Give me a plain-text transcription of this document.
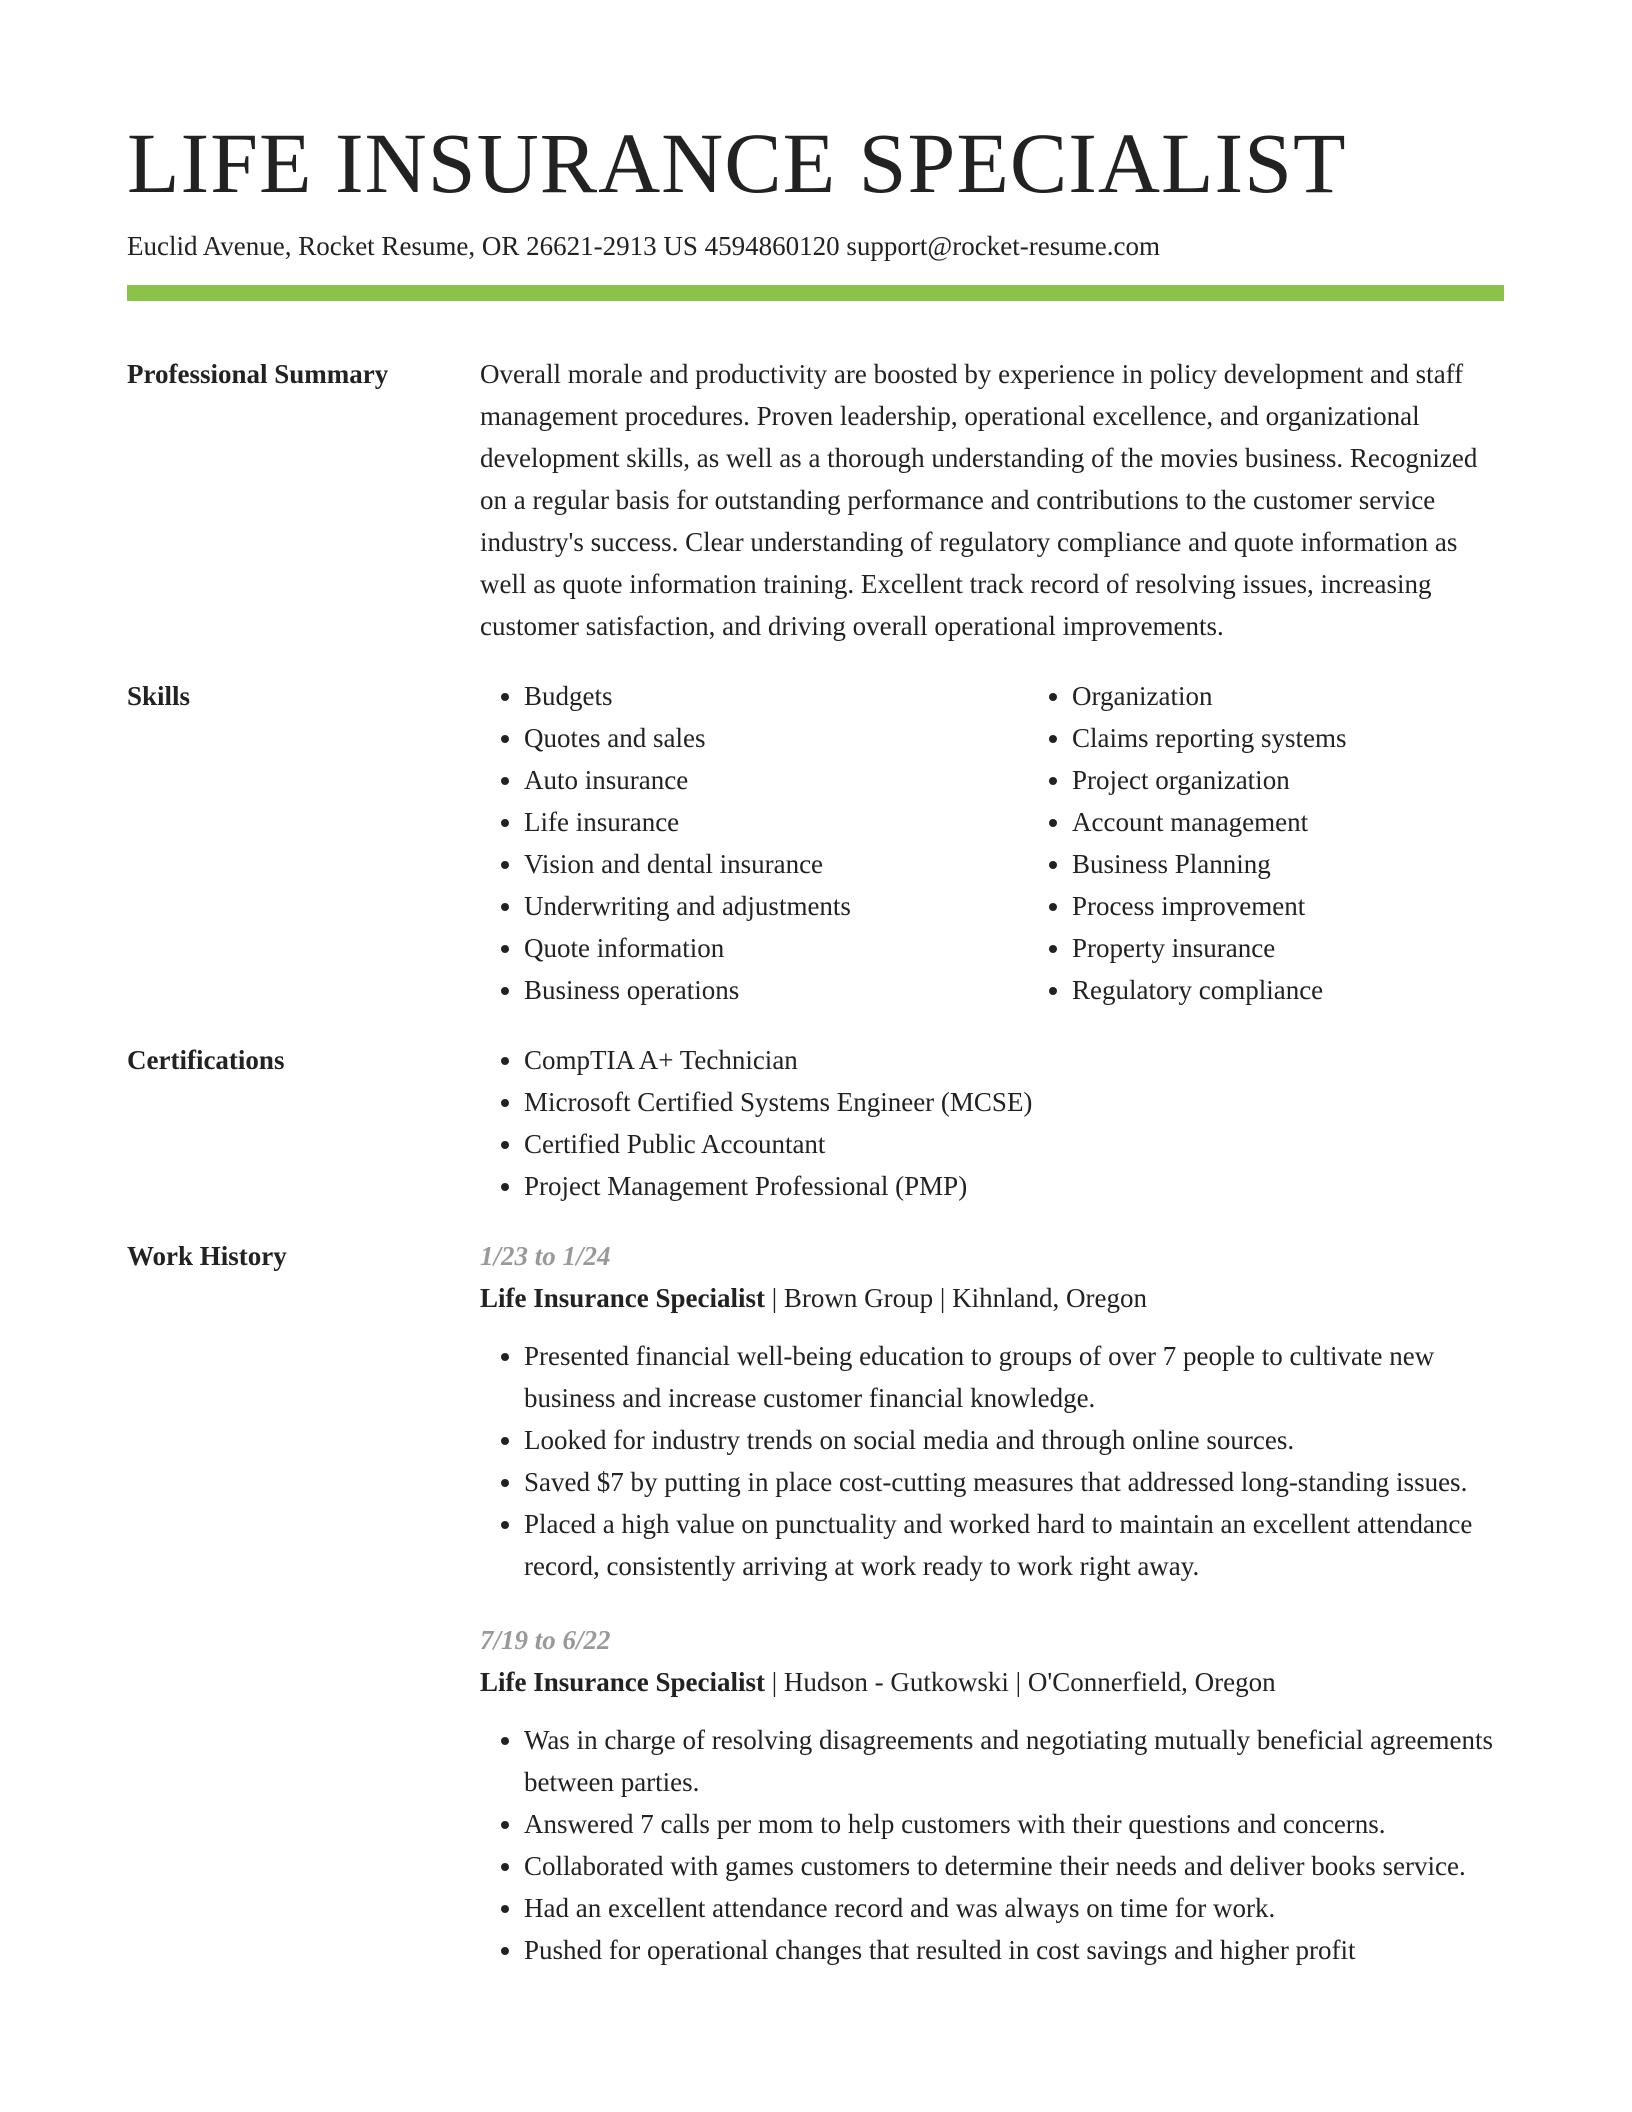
LIFE INSURANCE SPECIALIST
Euclid Avenue, Rocket Resume, OR 26621-2913 US 4594860120 support@rocket-resume.com
Professional Summary	Overall morale and productivity are boosted by experience in policy development and staff management procedures. Proven leadership, operational excellence, and organizational development skills, as well as a thorough understanding of the movies business. Recognized on a regular basis for outstanding performance and contributions to the customer service industry's success. Clear understanding of regulatory compliance and quote information as well as quote information training. Excellent track record of resolving issues, increasing customer satisfaction, and driving overall operational improvements.

Skills	• Budgets
• Quotes and sales
• Auto insurance
• Life insurance
• Vision and dental insurance
• Underwriting and adjustments
• Quote information
• Business operations
• Organization
• Claims reporting systems
• Project organization
• Account management
• Business Planning
• Process improvement
• Property insurance
• Regulatory compliance
Certifications	• CompTIA A+ Technician
• Microsoft Certified Systems Engineer (MCSE)
• Certified Public Accountant
• Project Management Professional (PMP)
Work History	1/23 to 1/24
Life Insurance Specialist | Brown Group | Kihnland, Oregon
• Presented financial well-being education to groups of over 7 people to cultivate new business and increase customer financial knowledge.
• Looked for industry trends on social media and through online sources.
• Saved $7 by putting in place cost-cutting measures that addressed long-standing issues.
• Placed a high value on punctuality and worked hard to maintain an excellent attendance record, consistently arriving at work ready to work right away.
7/19 to 6/22
Life Insurance Specialist | Hudson - Gutkowski | O'Connerfield, Oregon
• Was in charge of resolving disagreements and negotiating mutually beneficial agreements between parties.
• Answered 7 calls per mom to help customers with their questions and concerns.
• Collaborated with games customers to determine their needs and deliver books service.
• Had an excellent attendance record and was always on time for work.
• Pushed for operational changes that resulted in cost savings and higher profit
